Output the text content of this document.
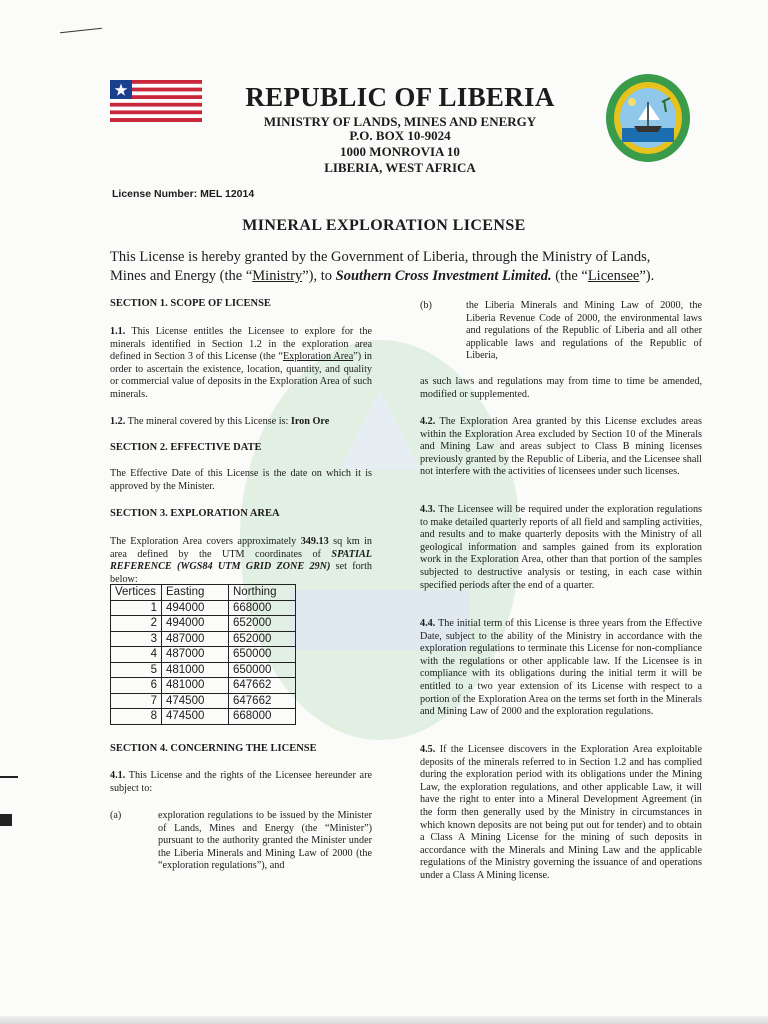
REPUBLIC OF LIBERIA
MINISTRY OF LANDS, MINES AND ENERGY
P.O. BOX 10-9024
1000 MONROVIA 10
LIBERIA, WEST AFRICA
License Number: MEL 12014
MINERAL EXPLORATION LICENSE
This License is hereby granted by the Government of Liberia, through the Ministry of Lands, Mines and Energy (the “Ministry”), to Southern Cross Investment Limited. (the “Licensee”).
SECTION 1. SCOPE OF LICENSE
1.1. This License entitles the Licensee to explore for the minerals identified in Section 1.2 in the exploration area defined in Section 3 of this License (the “Exploration Area”) in order to ascertain the existence, location, quantity, and quality or commercial value of deposits in the Exploration Area of such minerals.
1.2. The mineral covered by this License is: Iron Ore
SECTION 2. EFFECTIVE DATE
The Effective Date of this License is the date on which it is approved by the Minister.
SECTION 3. EXPLORATION AREA
The Exploration Area covers approximately 349.13 sq km in area defined by the UTM coordinates of SPATIAL REFERENCE (WGS84 UTM GRID ZONE 29N) set forth below:
Vertices	Easting	Northing
1	494000	668000
2	494000	652000
3	487000	652000
4	487000	650000
5	481000	650000
6	481000	647662
7	474500	647662
8	474500	668000
SECTION 4. CONCERNING THE LICENSE
4.1. This License and the rights of the Licensee hereunder are subject to:
(a)	exploration regulations to be issued by the Minister of Lands, Mines and Energy (the “Minister”) pursuant to the authority granted the Minister under the Liberia Minerals and Mining Law of 2000 (the “exploration regulations”), and
(b)	the Liberia Minerals and Mining Law of 2000, the Liberia Revenue Code of 2000, the environmental laws and regulations of the Republic of Liberia and all other applicable laws and regulations of the Republic of Liberia,
as such laws and regulations may from time to time be amended, modified or supplemented.
4.2. The Exploration Area granted by this License excludes areas within the Exploration Area excluded by Section 10 of the Minerals and Mining Law and areas subject to Class B mining licenses previously granted by the Republic of Liberia, and the Licensee shall not interfere with the activities of licensees under such licenses.
4.3. The Licensee will be required under the exploration regulations to make detailed quarterly reports of all field and sampling activities, and results and to make quarterly deposits with the Ministry of all geological information and samples gained from its exploration work in the Exploration Area, other than that portion of the samples subjected to destructive analysis or testing, in each case within specified periods after the end of a quarter.
4.4. The initial term of this License is three years from the Effective Date, subject to the ability of the Ministry in accordance with the exploration regulations to terminate this License for non-compliance with the regulations or other applicable law. If the Licensee is in compliance with its obligations during the initial term it will be entitled to a two year extension of its License with respect to a portion of the Exploration Area on the terms set forth in the Minerals and Mining Law of 2000 and the exploration regulations.
4.5. If the Licensee discovers in the Exploration Area exploitable deposits of the minerals referred to in Section 1.2 and has complied during the exploration period with its obligations under the Mining Law, the exploration regulations, and other applicable Law, it will have the right to enter into a Mineral Development Agreement (in the form then generally used by the Ministry in circumstances in which known deposits are not being put out for tender) and to obtain a Class A Mining License for the mining of such deposits in accordance with the Minerals and Mining Law and the applicable regulations of the Ministry governing the issuance of and operations under a Class A Mining license.
